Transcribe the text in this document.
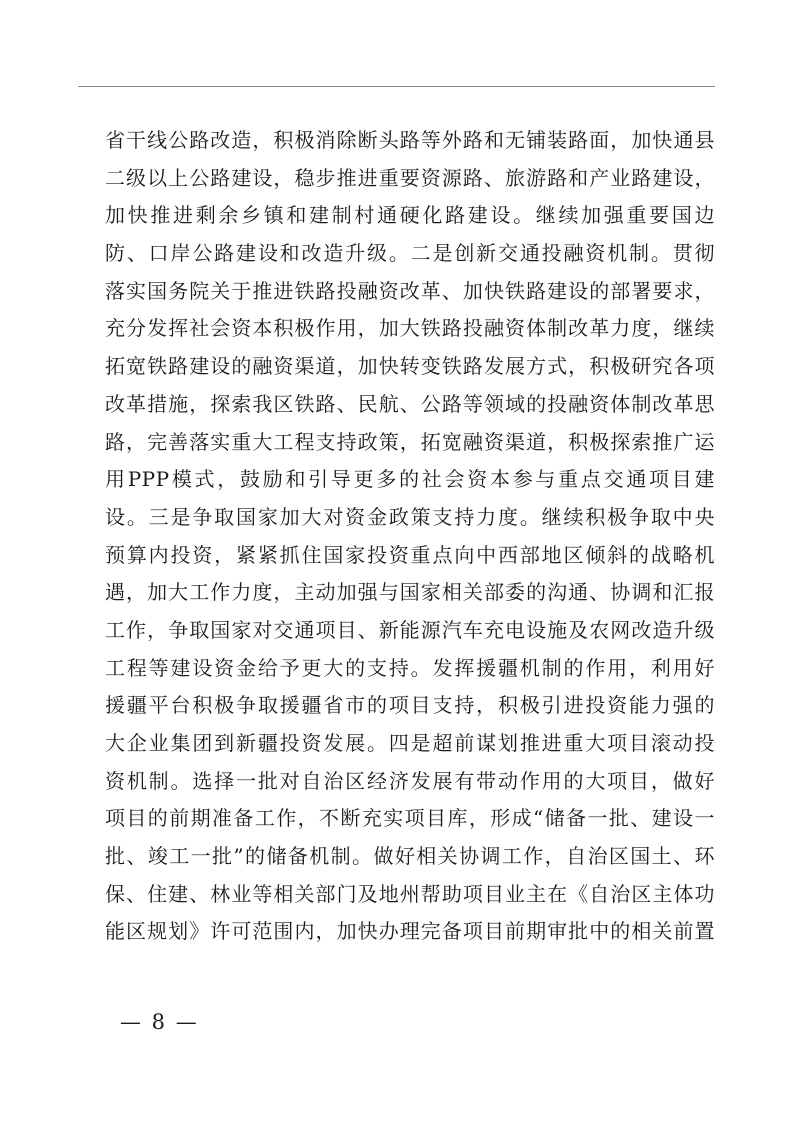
省干线公路改造，积极消除断头路等外路和无铺装路面，加快通县
二级以上公路建设，稳步推进重要资源路、旅游路和产业路建设，
加快推进剩余乡镇和建制村通硬化路建设。继续加强重要国边
防、口岸公路建设和改造升级。二是创新交通投融资机制。贯彻
落实国务院关于推进铁路投融资改革、加快铁路建设的部署要求，
充分发挥社会资本积极作用，加大铁路投融资体制改革力度，继续
拓宽铁路建设的融资渠道，加快转变铁路发展方式，积极研究各项
改革措施，探索我区铁路、民航、公路等领域的投融资体制改革思
路，完善落实重大工程支持政策，拓宽融资渠道，积极探索推广运
用PPP模式，鼓励和引导更多的社会资本参与重点交通项目建
设。三是争取国家加大对资金政策支持力度。继续积极争取中央
预算内投资，紧紧抓住国家投资重点向中西部地区倾斜的战略机
遇，加大工作力度，主动加强与国家相关部委的沟通、协调和汇报
工作，争取国家对交通项目、新能源汽车充电设施及农网改造升级
工程等建设资金给予更大的支持。发挥援疆机制的作用，利用好
援疆平台积极争取援疆省市的项目支持，积极引进投资能力强的
大企业集团到新疆投资发展。四是超前谋划推进重大项目滚动投
资机制。选择一批对自治区经济发展有带动作用的大项目，做好
项目的前期准备工作，不断充实项目库，形成“储备一批、建设一
批、竣工一批”的储备机制。做好相关协调工作，自治区国土、环
保、住建、林业等相关部门及地州帮助项目业主在《自治区主体功
能区规划》许可范围内，加快办理完备项目前期审批中的相关前置
— 8 —
